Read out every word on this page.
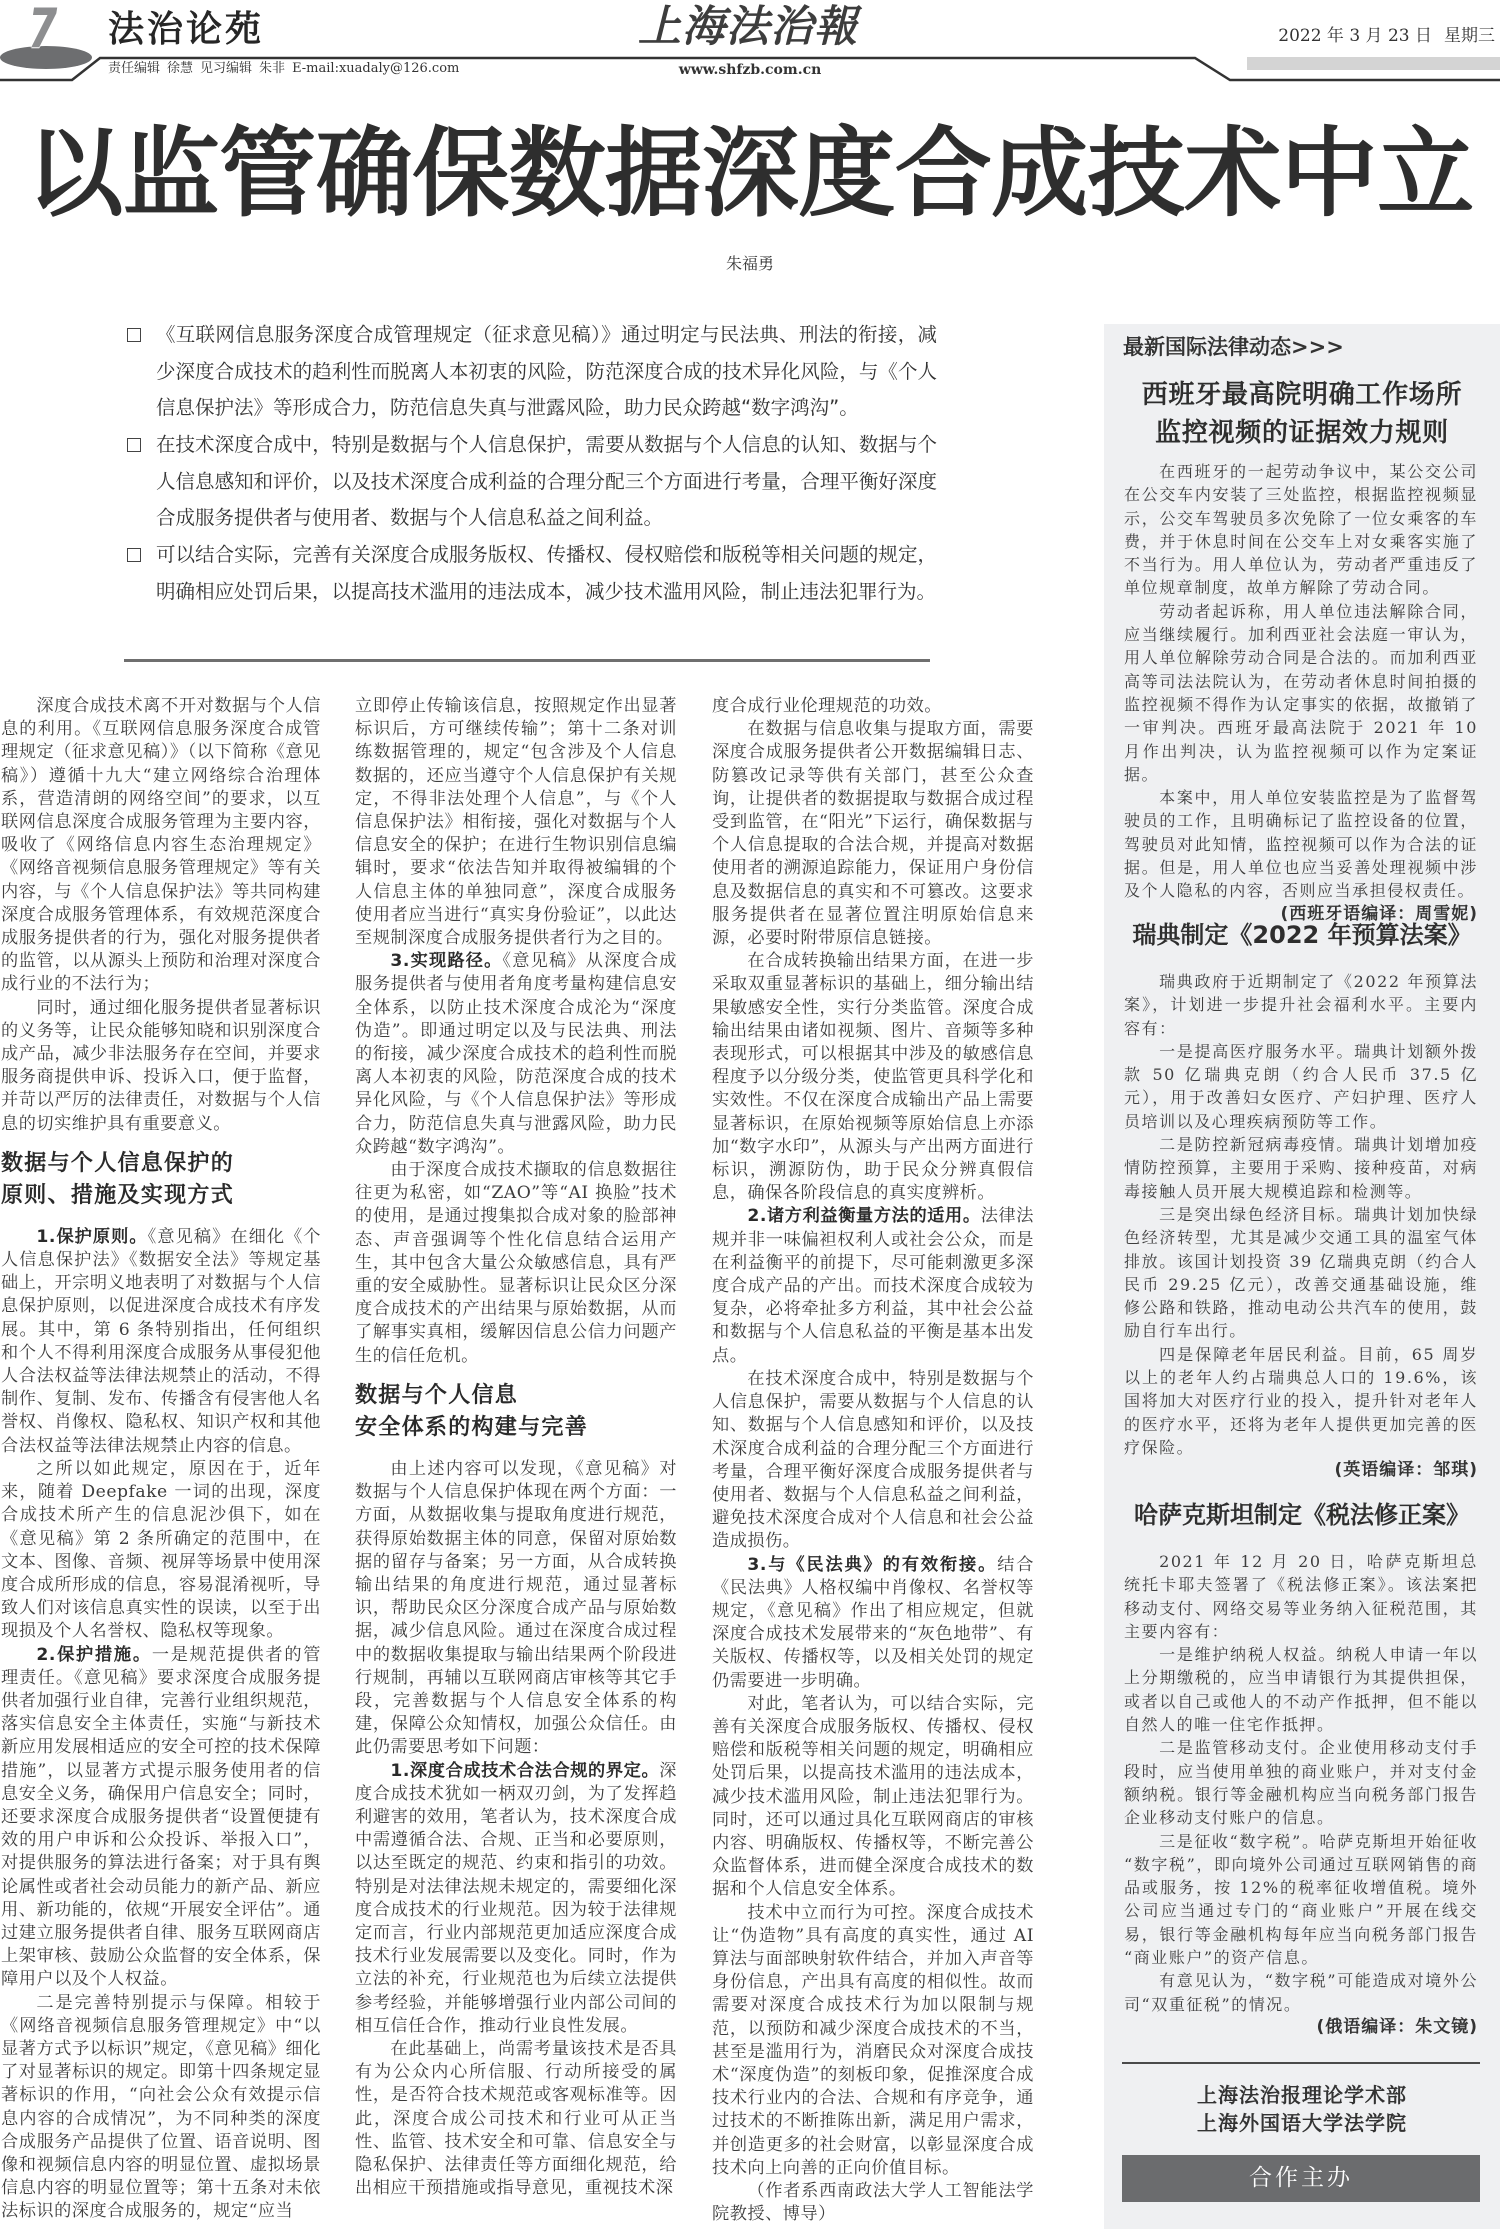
7 法治论苑
责任编辑 徐慧 见习编辑 朱非 E-mail:xuadaly@126.com
上海法治報
www.shfzb.com.cn
2022 年 3 月 23 日 星期三
以监管确保数据深度合成技术中立
朱福勇

《互联网信息服务深度合成管理规定（征求意见稿）》通过明定与民法典、刑法的衔接，减少深度合成技术的趋利性而脱离人本初衷的风险，防范深度合成的技术异化风险，与《个人信息保护法》等形成合力，防范信息失真与泄露风险，助力民众跨越“数字鸿沟”。

在技术深度合成中，特别是数据与个人信息保护，需要从数据与个人信息的认知、数据与个人信息感知和评价，以及技术深度合成利益的合理分配三个方面进行考量，合理平衡好深度合成服务提供者与使用者、数据与个人信息私益之间利益。

可以结合实际，完善有关深度合成服务版权、传播权、侵权赔偿和版税等相关问题的规定，明确相应处罚后果，以提高技术滥用的违法成本，减少技术滥用风险，制止违法犯罪行为。

深度合成技术离不开对数据与个人信息的利用。《互联网信息服务深度合成管理规定（征求意见稿）》（以下简称《意见稿》）遵循十九大“建立网络综合治理体系，营造清朗的网络空间”的要求，以互联网信息深度合成服务管理为主要内容，吸收了《网络信息内容生态治理规定》《网络音视频信息服务管理规定》等有关内容，与《个人信息保护法》等共同构建深度合成服务管理体系，有效规范深度合成服务提供者的行为，强化对服务提供者的监管，以从源头上预防和治理对深度合成行业的不法行为；

同时，通过细化服务提供者显著标识的义务等，让民众能够知晓和识别深度合成产品，减少非法服务存在空间，并要求服务商提供申诉、投诉入口，便于监督，并苛以严厉的法律责任，对数据与个人信息的切实维护具有重要意义。

数据与个人信息保护的
原则、措施及实现方式

1.保护原则。《意见稿》在细化《个人信息保护法》《数据安全法》等规定基础上，开宗明义地表明了对数据与个人信息保护原则，以促进深度合成技术有序发展。其中，第 6 条特别指出，任何组织和个人不得利用深度合成服务从事侵犯他人合法权益等法律法规禁止的活动，不得制作、复制、发布、传播含有侵害他人名誉权、肖像权、隐私权、知识产权和其他合法权益等法律法规禁止内容的信息。

之所以如此规定，原因在于，近年来，随着 Deepfake 一词的出现，深度合成技术所产生的信息泥沙俱下，如在《意见稿》第 2 条所确定的范围中，在文本、图像、音频、视屏等场景中使用深度合成所形成的信息，容易混淆视听，导致人们对该信息真实性的误读，以至于出现损及个人名誉权、隐私权等现象。

2.保护措施。一是规范提供者的管理责任。《意见稿》要求深度合成服务提供者加强行业自律，完善行业组织规范，落实信息安全主体责任，实施“与新技术新应用发展相适应的安全可控的技术保障措施”，以显著方式提示服务使用者的信息安全义务，确保用户信息安全；同时，还要求深度合成服务提供者“设置便捷有效的用户申诉和公众投诉、举报入口”，对提供服务的算法进行备案；对于具有舆论属性或者社会动员能力的新产品、新应用、新功能的，依规“开展安全评估”。通过建立服务提供者自律、服务互联网商店上架审核、鼓励公众监督的安全体系，保障用户以及个人权益。

二是完善特别提示与保障。相较于《网络音视频信息服务管理规定》中“以显著方式予以标识”规定，《意见稿》细化了对显著标识的规定。即第十四条规定显著标识的作用，“向社会公众有效提示信息内容的合成情况”，为不同种类的深度合成服务产品提供了位置、语音说明、图像和视频信息内容的明显位置、虚拟场景信息内容的明显位置等；第十五条对未依法标识的深度合成服务的，规定“应当

立即停止传输该信息，按照规定作出显著标识后，方可继续传输”；第十二条对训练数据管理的，规定“包含涉及个人信息数据的，还应当遵守个人信息保护有关规定，不得非法处理个人信息”，与《个人信息保护法》相衔接，强化对数据与个人信息安全的保护；在进行生物识别信息编辑时，要求“依法告知并取得被编辑的个人信息主体的单独同意”，深度合成服务使用者应当进行“真实身份验证”，以此达至规制深度合成服务提供者行为之目的。

3.实现路径。《意见稿》从深度合成服务提供者与使用者角度考量构建信息安全体系，以防止技术深度合成沦为“深度伪造”。即通过明定以及与民法典、刑法的衔接，减少深度合成技术的趋利性而脱离人本初衷的风险，防范深度合成的技术异化风险，与《个人信息保护法》等形成合力，防范信息失真与泄露风险，助力民众跨越“数字鸿沟”。

由于深度合成技术撷取的信息数据往往更为私密，如“ZAO”等“AI 换脸”技术的使用，是通过搜集拟合成对象的脸部神态、声音强调等个性化信息结合运用产生，其中包含大量公众敏感信息，具有严重的安全威胁性。显著标识让民众区分深度合成技术的产出结果与原始数据，从而了解事实真相，缓解因信息公信力问题产生的信任危机。

数据与个人信息
安全体系的构建与完善

由上述内容可以发现，《意见稿》对数据与个人信息保护体现在两个方面：一方面，从数据收集与提取角度进行规范，获得原始数据主体的同意，保留对原始数据的留存与备案；另一方面，从合成转换输出结果的角度进行规范，通过显著标识，帮助民众区分深度合成产品与原始数据，减少信息风险。通过在深度合成过程中的数据收集提取与输出结果两个阶段进行规制，再辅以互联网商店审核等其它手段，完善数据与个人信息安全体系的构建，保障公众知情权，加强公众信任。由此仍需要思考如下问题：

1.深度合成技术合法合规的界定。深度合成技术犹如一柄双刃剑，为了发挥趋利避害的效用，笔者认为，技术深度合成中需遵循合法、合规、正当和必要原则，以达至既定的规范、约束和指引的功效。特别是对法律法规未规定的，需要细化深度合成技术的行业规范。因为较于法律规定而言，行业内部规范更加适应深度合成技术行业发展需要以及变化。同时，作为立法的补充，行业规范也为后续立法提供参考经验，并能够增强行业内部公司间的相互信任合作，推动行业良性发展。

在此基础上，尚需考量该技术是否具有为公众内心所信服、行动所接受的属性，是否符合技术规范或客观标准等。因此，深度合成公司技术和行业可从正当性、监管、技术安全和可靠、信息安全与隐私保护、法律责任等方面细化规范，给出相应干预措施或指导意见，重视技术深

度合成行业伦理规范的功效。

在数据与信息收集与提取方面，需要深度合成服务提供者公开数据编辑日志、防篡改记录等供有关部门，甚至公众查询，让提供者的数据提取与数据合成过程受到监管，在“阳光”下运行，确保数据与个人信息提取的合法合规，并提高对数据使用者的溯源追踪能力，保证用户身份信息及数据信息的真实和不可篡改。这要求服务提供者在显著位置注明原始信息来源，必要时附带原信息链接。

在合成转换输出结果方面，在进一步采取双重显著标识的基础上，细分输出结果敏感安全性，实行分类监管。深度合成输出结果由诸如视频、图片、音频等多种表现形式，可以根据其中涉及的敏感信息程度予以分级分类，使监管更具科学化和实效性。不仅在深度合成输出产品上需要显著标识，在原始视频等原始信息上亦添加“数字水印”，从源头与产出两方面进行标识，溯源防伪，助于民众分辨真假信息，确保各阶段信息的真实度辨析。

2.诸方利益衡量方法的适用。法律法规并非一味偏袒权利人或社会公众，而是在利益衡平的前提下，尽可能刺激更多深度合成产品的产出。而技术深度合成较为复杂，必将牵扯多方利益，其中社会公益和数据与个人信息私益的平衡是基本出发点。

在技术深度合成中，特别是数据与个人信息保护，需要从数据与个人信息的认知、数据与个人信息感知和评价，以及技术深度合成利益的合理分配三个方面进行考量，合理平衡好深度合成服务提供者与使用者、数据与个人信息私益之间利益，避免技术深度合成对个人信息和社会公益造成损伤。

3.与《民法典》的有效衔接。结合《民法典》人格权编中肖像权、名誉权等规定，《意见稿》作出了相应规定，但就深度合成技术发展带来的“灰色地带”、有关版权、传播权等，以及相关处罚的规定仍需要进一步明确。

对此，笔者认为，可以结合实际，完善有关深度合成服务版权、传播权、侵权赔偿和版税等相关问题的规定，明确相应处罚后果，以提高技术滥用的违法成本，减少技术滥用风险，制止违法犯罪行为。同时，还可以通过具化互联网商店的审核内容、明确版权、传播权等，不断完善公众监督体系，进而健全深度合成技术的数据和个人信息安全体系。

技术中立而行为可控。深度合成技术让“伪造物”具有高度的真实性，通过 AI 算法与面部映射软件结合，并加入声音等身份信息，产出具有高度的相似性。故而需要对深度合成技术行为加以限制与规范，以预防和减少深度合成技术的不当，甚至是滥用行为，消磨民众对深度合成技术“深度伪造”的刻板印象，促推深度合成技术行业内的合法、合规和有序竞争，通过技术的不断推陈出新，满足用户需求，并创造更多的社会财富，以彰显深度合成技术向上向善的正向价值目标。

（作者系西南政法大学人工智能法学院教授、博导）

最新国际法律动态>>>
西班牙最高院明确工作场所
监控视频的证据效力规则

在西班牙的一起劳动争议中，某公交公司在公交车内安装了三处监控，根据监控视频显示，公交车驾驶员多次免除了一位女乘客的车费，并于休息时间在公交车上对女乘客实施了不当行为。用人单位认为，劳动者严重违反了单位规章制度，故单方解除了劳动合同。

劳动者起诉称，用人单位违法解除合同，应当继续履行。加利西亚社会法庭一审认为，用人单位解除劳动合同是合法的。而加利西亚高等司法法院认为，在劳动者休息时间拍摄的监控视频不得作为认定事实的依据，故撤销了一审判决。西班牙最高法院于 2021 年 10 月作出判决，认为监控视频可以作为定案证据。

本案中，用人单位安装监控是为了监督驾驶员的工作，且明确标记了监控设备的位置，驾驶员对此知情，监控视频可以作为合法的证据。但是，用人单位也应当妥善处理视频中涉及个人隐私的内容，否则应当承担侵权责任。

(西班牙语编译：周雪妮)

瑞典制定《2022 年预算法案》

瑞典政府于近期制定了《2022 年预算法案》，计划进一步提升社会福利水平。主要内容有：

一是提高医疗服务水平。瑞典计划额外拨款 50 亿瑞典克朗（约合人民币 37.5 亿元），用于改善妇女医疗、产妇护理、医疗人员培训以及心理疾病预防等工作。

二是防控新冠病毒疫情。瑞典计划增加疫情防控预算，主要用于采购、接种疫苗，对病毒接触人员开展大规模追踪和检测等。

三是突出绿色经济目标。瑞典计划加快绿色经济转型，尤其是减少交通工具的温室气体排放。该国计划投资 39 亿瑞典克朗（约合人民币 29.25 亿元），改善交通基础设施，维修公路和铁路，推动电动公共汽车的使用，鼓励自行车出行。

四是保障老年居民利益。目前，65 周岁以上的老年人约占瑞典总人口的 19.6%，该国将加大对医疗行业的投入，提升针对老年人的医疗水平，还将为老年人提供更加完善的医疗保险。

(英语编译：邹琪)

哈萨克斯坦制定《税法修正案》

2021 年 12 月 20 日，哈萨克斯坦总统托卡耶夫签署了《税法修正案》。该法案把移动支付、网络交易等业务纳入征税范围，其主要内容有：

一是维护纳税人权益。纳税人申请一年以上分期缴税的，应当申请银行为其提供担保，或者以自己或他人的不动产作抵押，但不能以自然人的唯一住宅作抵押。

二是监管移动支付。企业使用移动支付手段时，应当使用单独的商业账户，并对支付金额纳税。银行等金融机构应当向税务部门报告企业移动支付账户的信息。

三是征收“数字税”。哈萨克斯坦开始征收“数字税”，即向境外公司通过互联网销售的商品或服务，按 12%的税率征收增值税。境外公司应当通过专门的“商业账户”开展在线交易，银行等金融机构每年应当向税务部门报告“商业账户”的资产信息。

有意见认为，“数字税”可能造成对境外公司“双重征税”的情况。

(俄语编译：朱文镜)

上海法治报理论学术部
上海外国语大学法学院
合作主办
